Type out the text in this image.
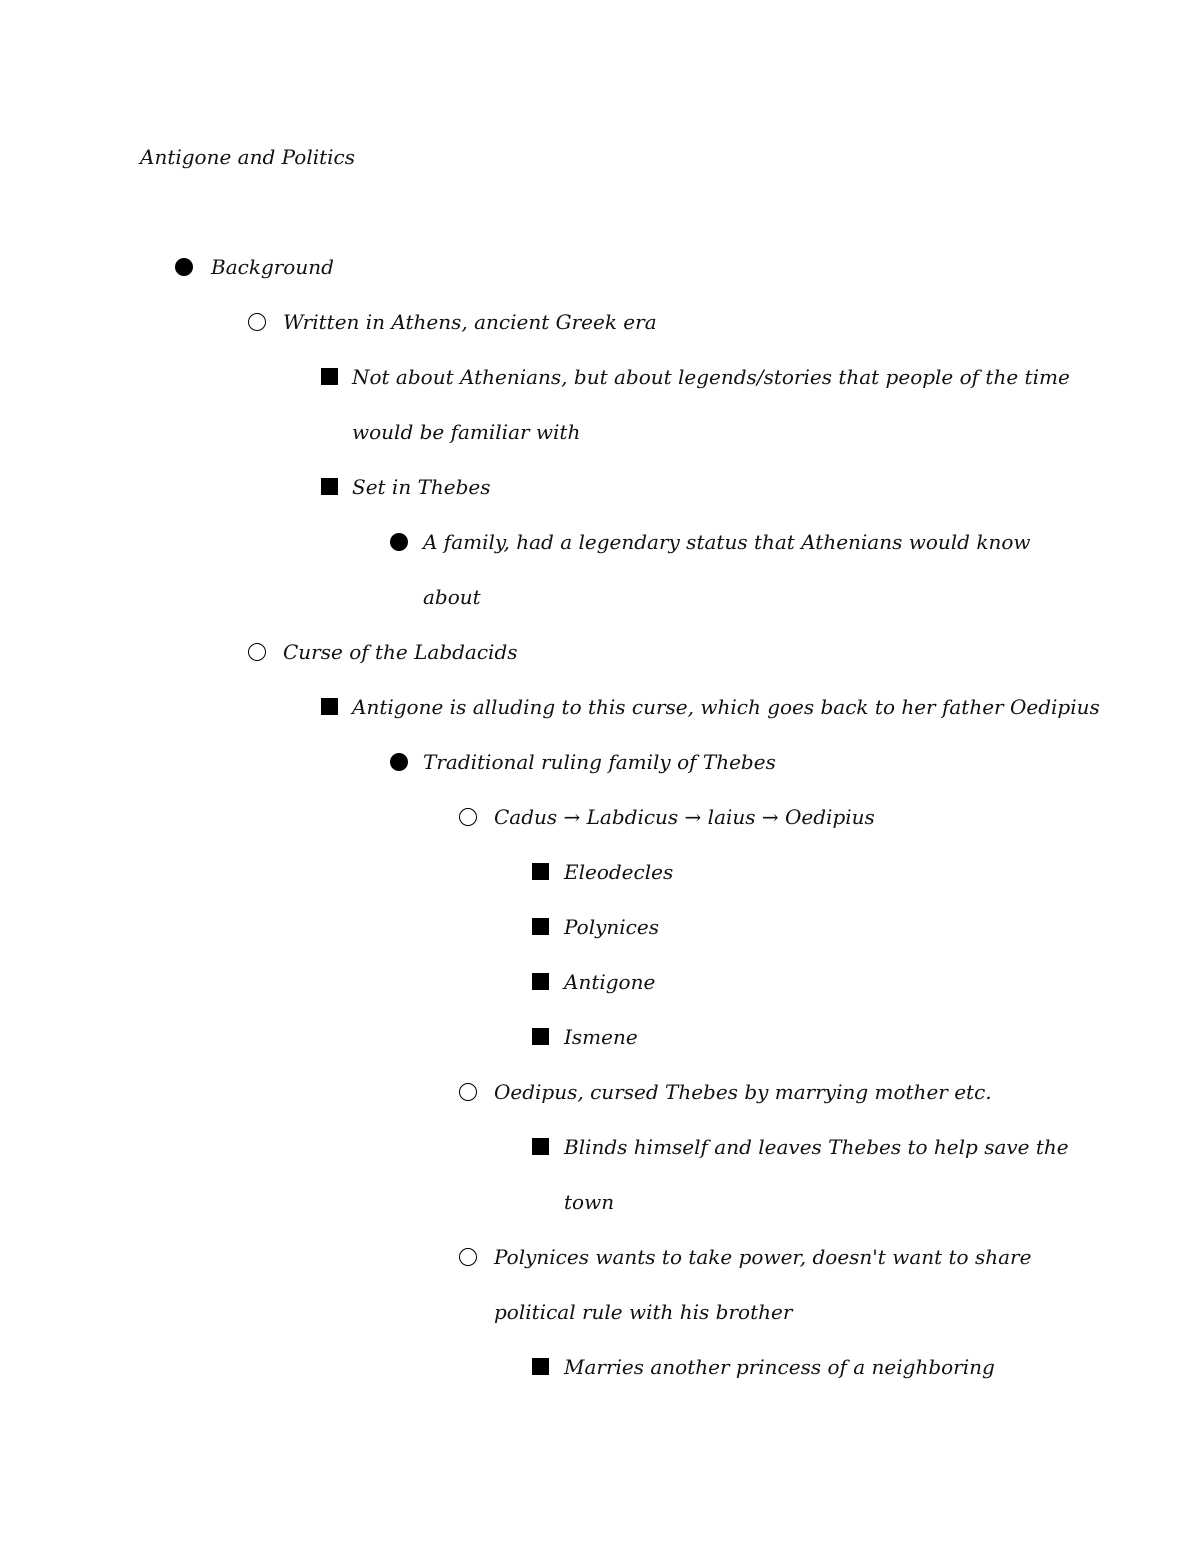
Antigone and Politics
Background
Written in Athens, ancient Greek era
Not about Athenians, but about legends/stories that people of the time
would be familiar with
Set in Thebes
A family, had a legendary status that Athenians would know
about
Curse of the Labdacids
Antigone is alluding to this curse, which goes back to her father Oedipius
Traditional ruling family of Thebes
Cadus → Labdicus → laius → Oedipius
Eleodecles
Polynices
Antigone
Ismene
Oedipus, cursed Thebes by marrying mother etc.
Blinds himself and leaves Thebes to help save the
town
Polynices wants to take power, doesn't want to share
political rule with his brother
Marries another princess of a neighboring
